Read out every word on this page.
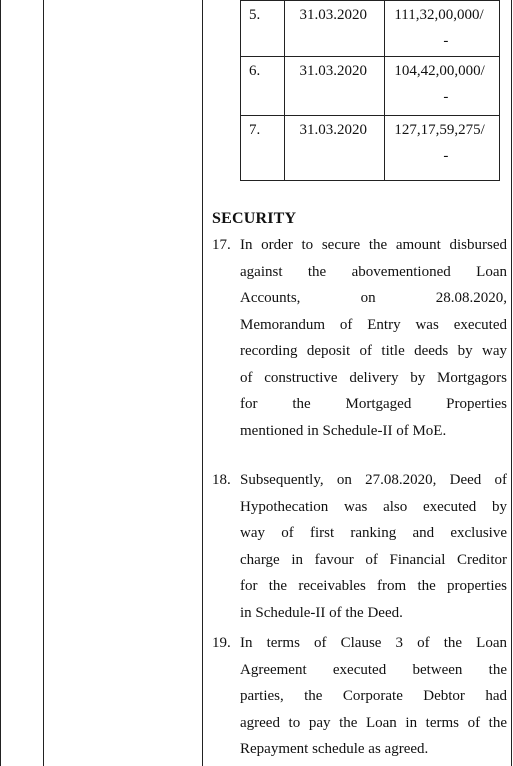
5.	31.03.2020	111,32,00,000/
-

6.	31.03.2020	104,42,00,000/
-

7.	31.03.2020	127,17,59,275/
-
SECURITY
17. In order to secure the amount disbursed
against the abovementioned Loan
Accounts, on 28.08.2020,
Memorandum of Entry was executed
recording deposit of title deeds by way
of constructive delivery by Mortgagors
for the Mortgaged Properties
mentioned in Schedule-II of MoE.
18. Subsequently, on 27.08.2020, Deed of
Hypothecation was also executed by
way of first ranking and exclusive
charge in favour of Financial Creditor
for the receivables from the properties
in Schedule-II of the Deed.
19. In terms of Clause 3 of the Loan
Agreement executed between the
parties, the Corporate Debtor had
agreed to pay the Loan in terms of the
Repayment schedule as agreed.
